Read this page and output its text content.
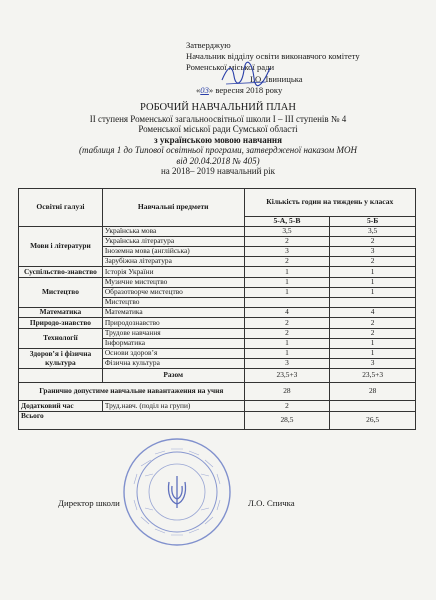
Затверджую
Начальник відділу освіти виконавчого комітету
Роменської міської ради
І.О. Івиницька
«03» вересня 2018 року
РОБОЧИЙ НАВЧАЛЬНИЙ ПЛАН
ІІ ступеня Роменської загальноосвітньої школи І – ІІІ ступенів № 4
Роменської міської ради Сумської області
з українською мовою навчання
(таблиця 1 до Типової освітньої програми, затвердженої наказом МОН
від 20.04.2018 № 405)
на 2018– 2019 навчальний рік
Освітні галузі	Навчальні предмети	Кількість годин на тиждень у класах	
		5-А, 5-В	5-Б
Мови і літератури	Українська мова	3,5	3,5
	Українська література	2	2
	Іноземна мова (англійська)	3	3
	Зарубіжна література	2	2
Суспільство-знавство	Історія України	1	1
Мистецтво	Музичне мистецтво	1	1
	Образотворче мистецтво	1	1
	Мистецтво		
Математика	Математика	4	4
Природо-знавство	Природознавство	2	2
Технології	Трудове навчання	2	2
	Інформатика	1	1
Здоров’я і фізична культура	Основи здоров’я	1	1
	Фізична культура	3	3
	Разом	23,5+3	23,5+3
Гранично допустиме навчальне навантаження на учня		28	28
Додатковий час	Труд.навч. (поділ на групи)	2	
Всього		28,5	26,5
Директор школи	Л.О. Спичка
